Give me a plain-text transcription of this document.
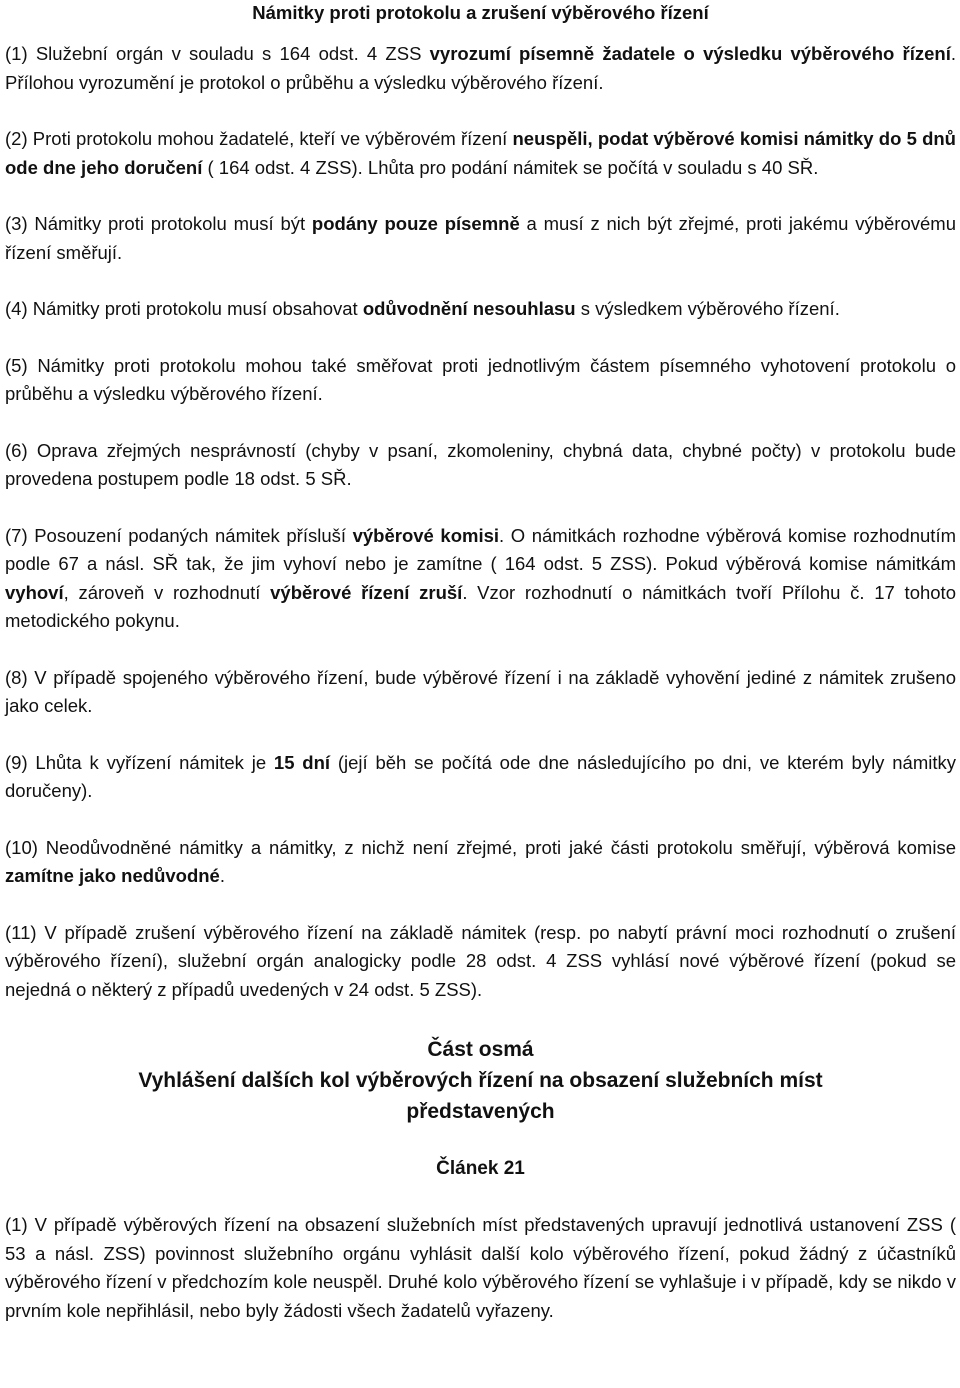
Námitky proti protokolu a zrušení výběrového řízení

(1) Služební orgán v souladu s 164 odst. 4 ZSS vyrozumí písemně žadatele o výsledku výběrového řízení. Přílohou vyrozumění je protokol o průběhu a výsledku výběrového řízení.

(2) Proti protokolu mohou žadatelé, kteří ve výběrovém řízení neuspěli, podat výběrové komisi námitky do 5 dnů ode dne jeho doručení ( 164 odst. 4 ZSS). Lhůta pro podání námitek se počítá v souladu s 40 SŘ.

(3) Námitky proti protokolu musí být podány pouze písemně a musí z nich být zřejmé, proti jakému výběrovému řízení směřují.

(4) Námitky proti protokolu musí obsahovat odůvodnění nesouhlasu s výsledkem výběrového řízení.

(5) Námitky proti protokolu mohou také směřovat proti jednotlivým částem písemného vyhotovení protokolu o průběhu a výsledku výběrového řízení.

(6) Oprava zřejmých nesprávností (chyby v psaní, zkomoleniny, chybná data, chybné počty) v protokolu bude provedena postupem podle 18 odst. 5 SŘ.

(7) Posouzení podaných námitek přísluší výběrové komisi. O námitkách rozhodne výběrová komise rozhodnutím podle 67 a násl. SŘ tak, že jim vyhoví nebo je zamítne ( 164 odst. 5 ZSS). Pokud výběrová komise námitkám vyhoví, zároveň v rozhodnutí výběrové řízení zruší. Vzor rozhodnutí o námitkách tvoří Přílohu č. 17 tohoto metodického pokynu.

(8) V případě spojeného výběrového řízení, bude výběrové řízení i na základě vyhovění jediné z námitek zrušeno jako celek.

(9) Lhůta k vyřízení námitek je 15 dní (její běh se počítá ode dne následujícího po dni, ve kterém byly námitky doručeny).

(10) Neodůvodněné námitky a námitky, z nichž není zřejmé, proti jaké části protokolu směřují, výběrová komise zamítne jako nedůvodné.

(11) V případě zrušení výběrového řízení na základě námitek (resp. po nabytí právní moci rozhodnutí o zrušení výběrového řízení), služební orgán analogicky podle 28 odst. 4 ZSS vyhlásí nové výběrové řízení (pokud se nejedná o některý z případů uvedených v 24 odst. 5 ZSS).

Část osmá
Vyhlášení dalších kol výběrových řízení na obsazení služebních míst
představených
Článek 21

(1) V případě výběrových řízení na obsazení služebních míst představených upravují jednotlivá ustanovení ZSS ( 53 a násl. ZSS) povinnost služebního orgánu vyhlásit další kolo výběrového řízení, pokud žádný z účastníků výběrového řízení v předchozím kole neuspěl. Druhé kolo výběrového řízení se vyhlašuje i v případě, kdy se nikdo v prvním kole nepřihlásil, nebo byly žádosti všech žadatelů vyřazeny.
